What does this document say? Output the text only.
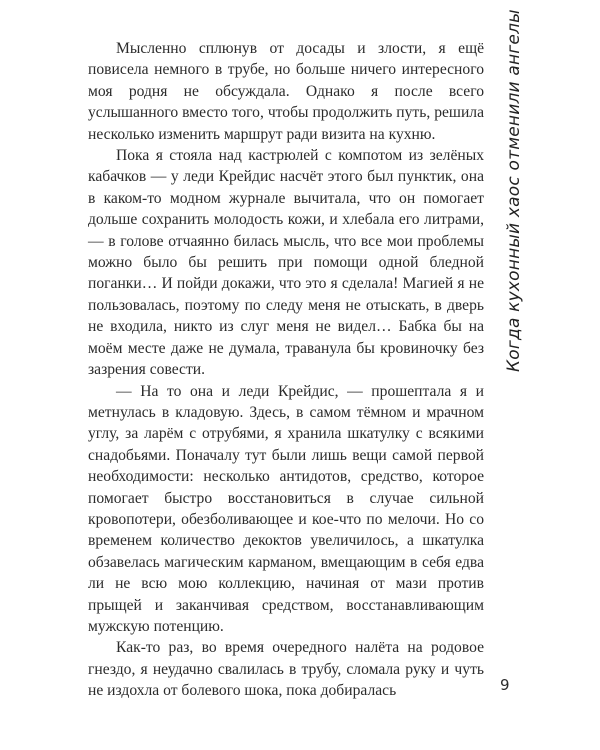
Мысленно сплюнув от досады и злости, я ещё повисела немного в трубе, но больше ничего интересного моя родня не обсуждала. Однако я после всего услышанного вместо того, чтобы продолжить путь, решила несколько изменить маршрут ради визита на кухню.

Пока я стояла над кастрюлей с компотом из зелёных кабачков — у леди Крейдис насчёт этого был пунктик, она в каком-то модном журнале вычитала, что он помогает дольше сохранить молодость кожи, и хлебала его литрами, — в голове отчаянно билась мысль, что все мои проблемы можно было бы решить при помощи одной бледной поганки… И пойди докажи, что это я сделала! Магией я не пользовалась, поэтому по следу меня не отыскать, в дверь не входила, никто из слуг меня не видел… Бабка бы на моём месте даже не думала, траванула бы кровиночку без зазрения совести.

— На то она и леди Крейдис, — прошептала я и метнулась в кладовую. Здесь, в самом тёмном и мрачном углу, за ларём с отрубями, я хранила шкатулку с всякими снадобьями. Поначалу тут были лишь вещи самой первой необходимости: несколько антидотов, средство, которое помогает быстро восстановиться в случае сильной кровопотери, обезболивающее и кое-что по мелочи. Но со временем количество декоктов увеличилось, а шкатулка обзавелась магическим карманом, вмещающим в себя едва ли не всю мою коллекцию, начиная от мази против прыщей и заканчивая средством, восстанавливающим мужскую потенцию.

Как-то раз, во время очередного налёта на родовое гнездо, я неудачно свалилась в трубу, сломала руку и чуть не издохла от болевого шока, пока добиралась

Когда кухонный хаос отменили ангелы
9
